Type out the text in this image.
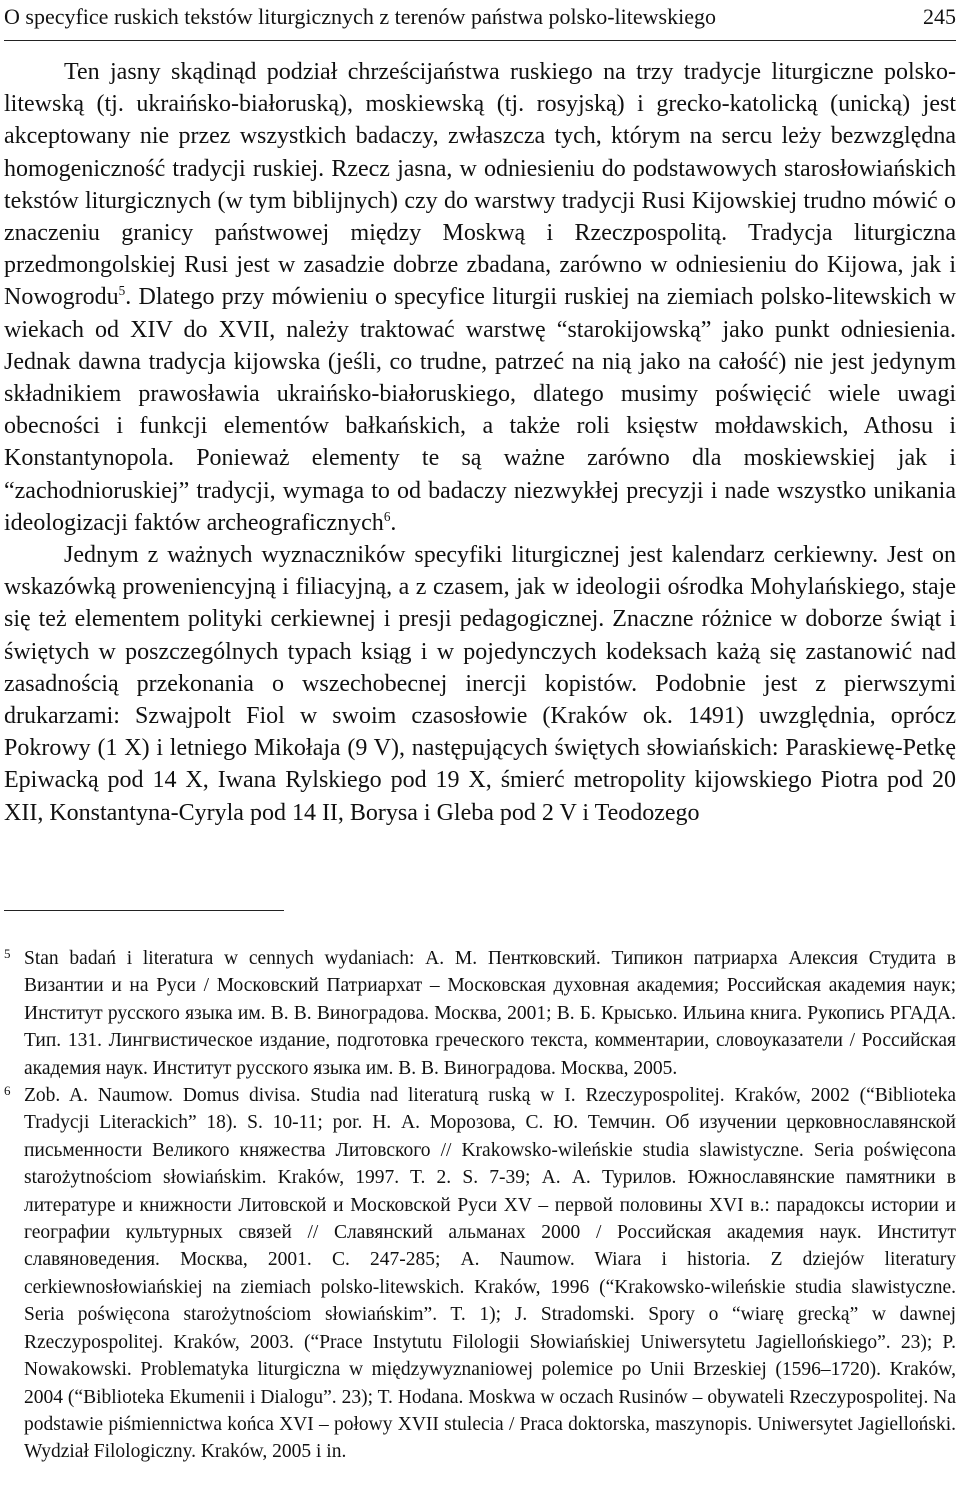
O specyfice ruskich tekstów liturgicznych z terenów państwa polsko-litewskiego	245

Ten jasny skądinąd podział chrześcijaństwa ruskiego na trzy tradycje liturgiczne polsko-litewską (tj. ukraińsko-białoruską), moskiewską (tj. rosyjską) i grecko-katolicką (unicką) jest akceptowany nie przez wszystkich badaczy, zwłaszcza tych, którym na sercu leży bezwzględna homogeniczność tradycji ruskiej. Rzecz jasna, w odniesieniu do podstawowych starosłowiańskich tekstów liturgicznych (w tym biblijnych) czy do warstwy tradycji Rusi Kijowskiej trudno mówić o znaczeniu granicy państwowej między Moskwą i Rzeczpospolitą. Tradycja liturgiczna przedmongolskiej Rusi jest w zasadzie dobrze zbadana, zarówno w odniesieniu do Kijowa, jak i Nowogrodu$^5$. Dlatego przy mówieniu o specyfice liturgii ruskiej na ziemiach polsko-litewskich w wiekach od XIV do XVII, należy traktować warstwę “starokijowską” jako punkt odniesienia. Jednak dawna tradycja kijowska (jeśli, co trudne, patrzeć na nią jako na całość) nie jest jedynym składnikiem prawosławia ukraińsko-białoruskiego, dlatego musimy poświęcić wiele uwagi obecności i funkcji elementów bałkańskich, a także roli księstw mołdawskich, Athosu i Konstantynopola. Ponieważ elementy te są ważne zarówno dla moskiewskiej jak i “zachodnioruskiej” tradycji, wymaga to od badaczy niezwykłej precyzji i nade wszystko unikania ideologizacji faktów archeograficznych$^6$.

Jednym z ważnych wyznaczników specyfiki liturgicznej jest kalendarz cerkiewny. Jest on wskazówką proweniencyjną i filiacyjną, a z czasem, jak w ideologii ośrodka Mohylańskiego, staje się też elementem polityki cerkiewnej i presji pedagogicznej. Znaczne różnice w doborze świąt i świętych w poszczególnych typach ksiąg i w pojedynczych kodeksach każą się zastanowić nad zasadnością przekonania o wszechobecnej inercji kopistów. Podobnie jest z pierwszymi drukarzami: Szwajpolt Fiol w swoim czasosłowie (Kraków ok. 1491) uwzględnia, oprócz Pokrowy (1 X) i letniego Mikołaja (9 V), następujących świętych słowiańskich: Paraskiewę-Petkę Epiwacką pod 14 X, Iwana Rylskiego pod 19 X, śmierć metropolity kijowskiego Piotra pod 20 XII, Konstantyna-Cyryla pod 14 II, Borysa i Gleba pod 2 V i Teodozego

5 Stan badań i literatura w cennych wydaniach: А. М. Пентковский. Типикон патриарха Алексия Студита в Византии и на Руси / Московский Патриархат – Московская духовная академия; Российская академия наук; Институт русского языка им. В. В. Виноградова. Москва, 2001; В. Б. Крысько. Ильина книга. Рукопись РГАДА. Тип. 131. Лингвистическое издание, подготовка греческого текста, комментарии, словоуказатели / Российская академия наук. Институт русского языка им. В. В. Виноградова. Москва, 2005.

6 Zob. A. Naumow. Domus divisa. Studia nad literaturą ruską w I. Rzeczypospolitej. Kraków, 2002 (“Biblioteka Tradycji Literackich” 18). S. 10-11; por. Н. А. Морозова, С. Ю. Темчин. Об изучении церковнославянской письменности Великого княжества Литовского // Krakowsko-wileńskie studia slawistyczne. Seria poświęcona starożytnościom słowiańskim. Kraków, 1997. T. 2. S. 7-39; А. А. Турилов. Южнославянские памятники в литературе и книжности Литовской и Московской Руси XV – первой половины XVI в.: парадоксы истории и географии культурных связей // Славянский альманах 2000 / Российская академия наук. Институт славяноведения. Москва, 2001. С. 247-285; A. Naumow. Wiara i historia. Z dziejów literatury cerkiewnosłowiańskiej na ziemiach polsko-litewskich. Kraków, 1996 (“Krakowsko-wileńskie studia slawistyczne. Seria poświęcona starożytnościom słowiańskim”. T. 1); J. Stradomski. Spory o “wiarę grecką” w dawnej Rzeczypospolitej. Kraków, 2003. (“Prace Instytutu Filologii Słowiańskiej Uniwersytetu Jagiellońskiego”. 23); P. Nowakowski. Problematyka liturgiczna w międzywyznaniowej polemice po Unii Brzeskiej (1596–1720). Kraków, 2004 (“Biblioteka Ekumenii i Dialogu”. 23); T. Hodana. Moskwa w oczach Rusinów – obywateli Rzeczypospolitej. Na podstawie piśmiennictwa końca XVI – połowy XVII stulecia / Praca doktorska, maszynopis. Uniwersytet Jagielloński. Wydział Filologiczny. Kraków, 2005 i in.
